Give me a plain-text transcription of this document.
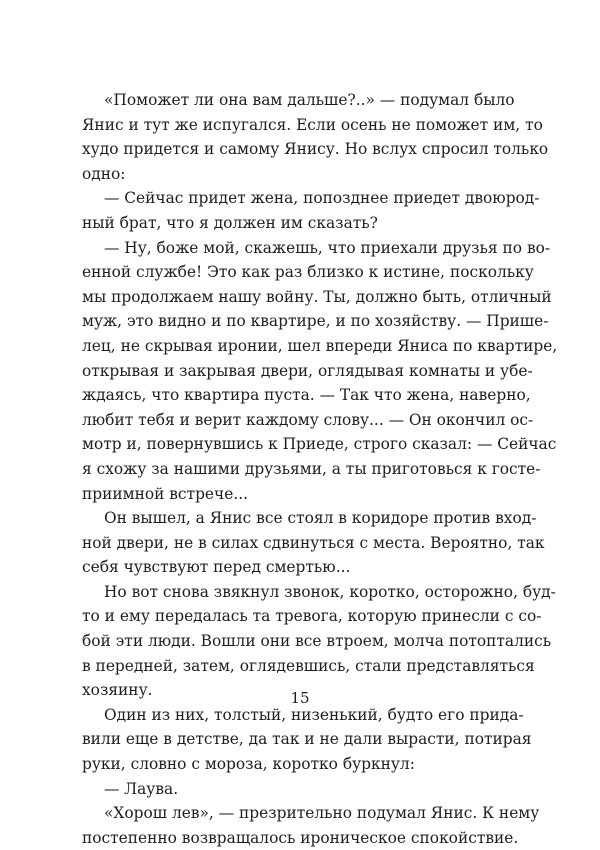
«Поможет ли она вам дальше?..» — подумал было
Янис и тут же испугался. Если осень не поможет им, то
худо придется и самому Янису. Но вслух спросил только
одно:
— Сейчас придет жена, попозднее приедет двоюрод-
ный брат, что я должен им сказать?
— Ну, боже мой, скажешь, что приехали друзья по во-
енной службе! Это как раз близко к истине, поскольку
мы продолжаем нашу войну. Ты, должно быть, отличный
муж, это видно и по квартире, и по хозяйству. — Прише-
лец, не скрывая иронии, шел впереди Яниса по квартире,
открывая и закрывая двери, оглядывая комнаты и убе-
ждаясь, что квартира пуста. — Так что жена, наверно,
любит тебя и верит каждому слову... — Он окончил ос-
мотр и, повернувшись к Приеде, строго сказал: — Сейчас
я схожу за нашими друзьями, а ты приготовься к госте-
приимной встрече...
Он вышел, а Янис все стоял в коридоре против вход-
ной двери, не в силах сдвинуться с места. Вероятно, так
себя чувствуют перед смертью...
Но вот снова звякнул звонок, коротко, осторожно, буд-
то и ему передалась та тревога, которую принесли с со-
бой эти люди. Вошли они все втроем, молча потоптались
в передней, затем, оглядевшись, стали представляться
хозяину.
Один из них, толстый, низенький, будто его прида-
вили еще в детстве, да так и не дали вырасти, потирая
руки, словно с мороза, коротко буркнул:
— Лаува.
«Хорош лев», — презрительно подумал Янис. К нему
постепенно возвращалось ироническое спокойствие.
15
